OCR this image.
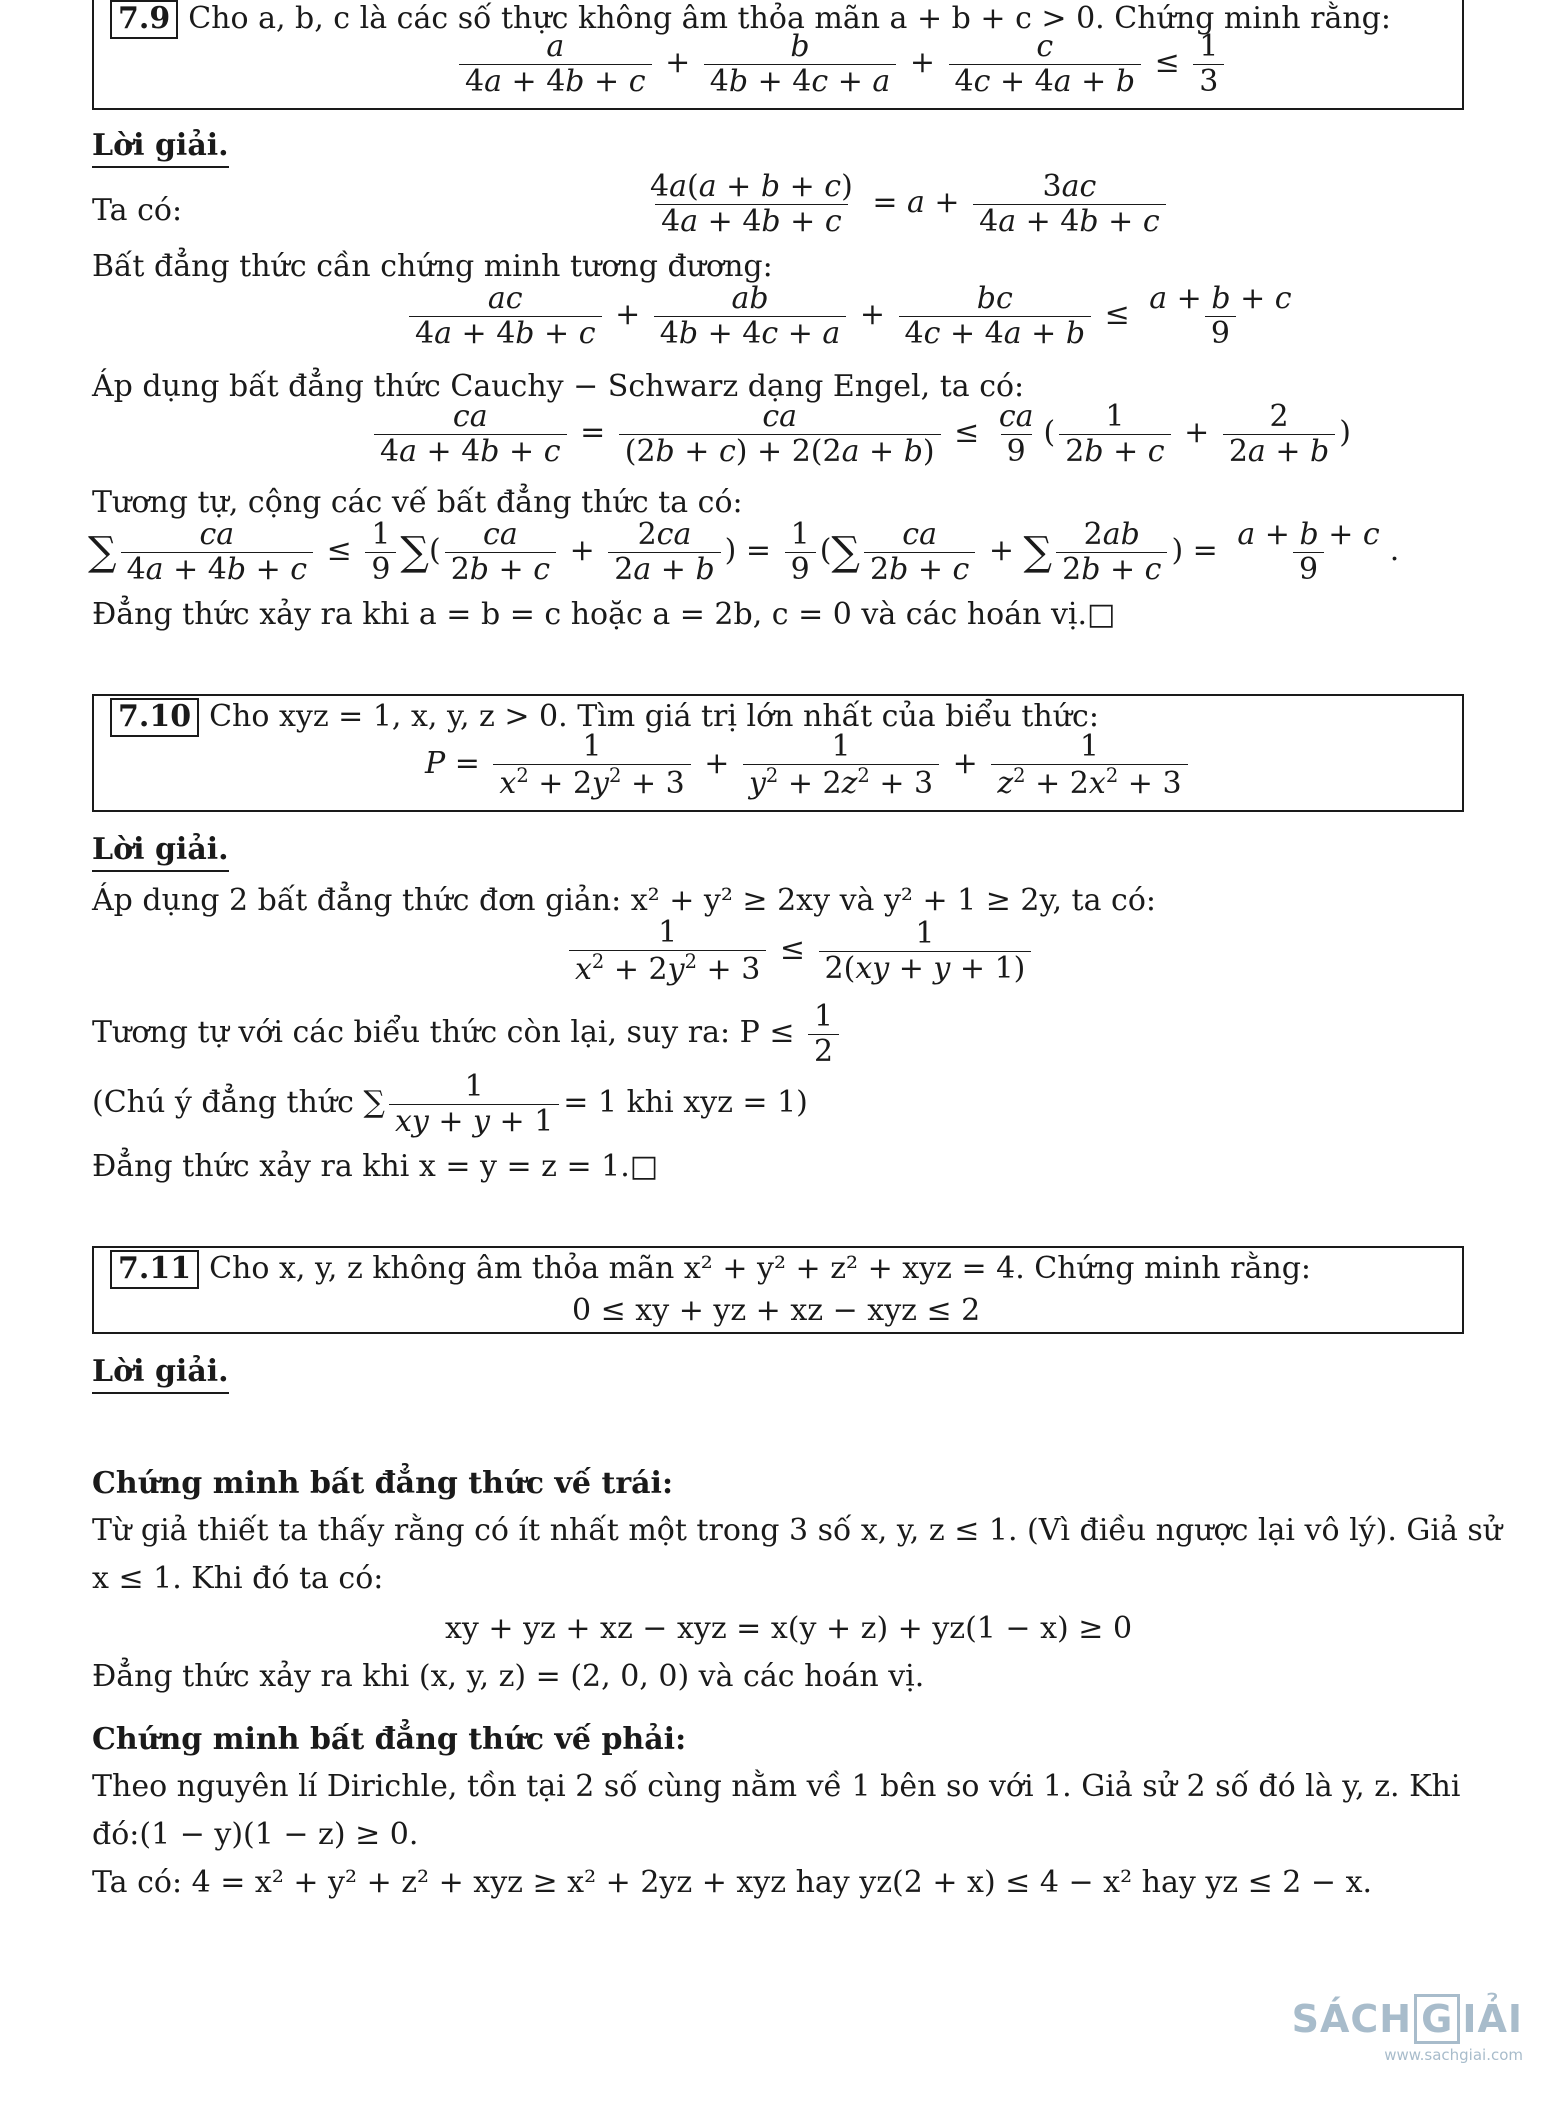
7.9 Cho a, b, c là các số thực không âm thỏa mãn a + b + c > 0. Chứng minh rằng:
$\frac{a}{4a + 4b + c} + \frac{b}{4b + 4c + a} + \frac{c}{4c + 4a + b} \le \frac{1}{3}$
Lời giải.
Ta có:	$\frac{4a(a + b + c)}{4a + 4b + c} = a + \frac{3ac}{4a + 4b + c}$
Bất đẳng thức cần chứng minh tương đương:
$\frac{ac}{4a + 4b + c} + \frac{ab}{4b + 4c + a} + \frac{bc}{4c + 4a + b} \le \frac{a + b + c}{9}$
Áp dụng bất đẳng thức Cauchy − Schwarz dạng Engel, ta có:
$\frac{ca}{4a + 4b + c} = \frac{ca}{(2b + c) + 2(2a + b)} \le \frac{ca}{9}$ ( $\frac{1}{2b + c} + \frac{2}{2a + b}$ )
Tương tự, cộng các vế bất đẳng thức ta có:
∑ $\frac{ca}{4a + 4b + c} \le \frac{1}{9}$ ∑( $\frac{ca}{2b + c} + \frac{2ca}{2a + b}$ ) = $\frac{1}{9}$ (∑ $\frac{ca}{2b + c}$ + ∑ $\frac{2ab}{2b + c}$ ) = $\frac{a + b + c}{9}$ .
Đẳng thức xảy ra khi a = b = c hoặc a = 2b, c = 0 và các hoán vị.□
7.10 Cho xyz = 1, x, y, z > 0. Tìm giá trị lớn nhất của biểu thức:
$P = \frac{1}{x^2 + 2y^2 + 3} + \frac{1}{y^2 + 2z^2 + 3} + \frac{1}{z^2 + 2x^2 + 3}$
Lời giải.
Áp dụng 2 bất đẳng thức đơn giản: x² + y² ≥ 2xy và y² + 1 ≥ 2y, ta có:
$\frac{1}{x^2 + 2y^2 + 3} \le \frac{1}{2(xy + y + 1)}$
Tương tự với các biểu thức còn lại, suy ra: $P \le \frac{1}{2}$
(Chú ý đẳng thức ∑ $\frac{1}{xy + y + 1} = 1$ khi xyz = 1)
Đẳng thức xảy ra khi x = y = z = 1.□
7.11 Cho x, y, z không âm thỏa mãn x² + y² + z² + xyz = 4. Chứng minh rằng:
0 ≤ xy + yz + xz − xyz ≤ 2
Lời giải.
Chứng minh bất đẳng thức vế trái:
Từ giả thiết ta thấy rằng có ít nhất một trong 3 số x, y, z ≤ 1. (Vì điều ngược lại vô lý). Giả sử
x ≤ 1. Khi đó ta có:
xy + yz + xz − xyz = x(y + z) + yz(1 − x) ≥ 0
Đẳng thức xảy ra khi (x, y, z) = (2, 0, 0) và các hoán vị.
Chứng minh bất đẳng thức vế phải:
Theo nguyên lí Dirichle, tồn tại 2 số cùng nằm về 1 bên so với 1. Giả sử 2 số đó là y, z. Khi
đó:(1 − y)(1 − z) ≥ 0.
Ta có: 4 = x² + y² + z² + xyz ≥ x² + 2yz + xyz hay yz(2 + x) ≤ 4 − x² hay yz ≤ 2 − x.
SÁCH G IẢI
www.sachgiai.com
